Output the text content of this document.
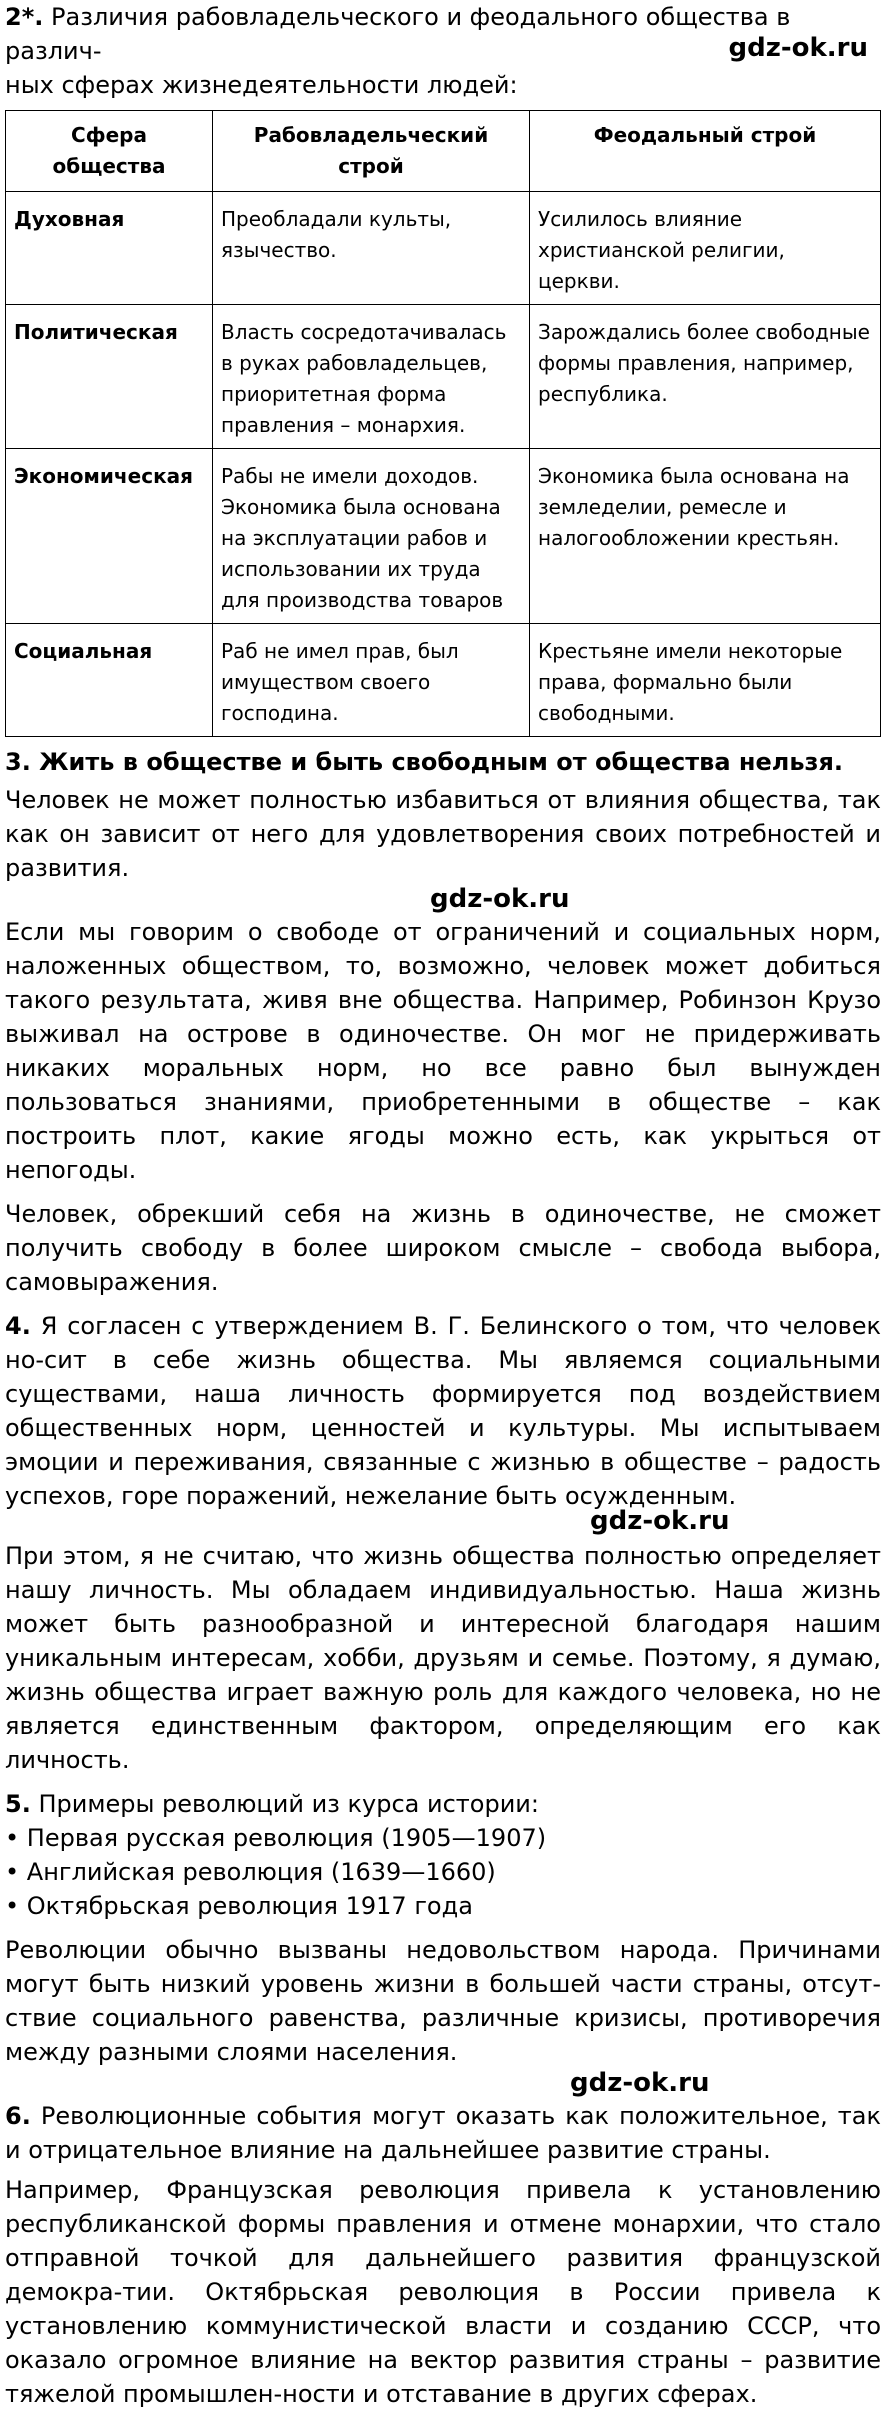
2*. Различия рабовладельческого и феодального общества в различ-
ных сферах жизнедеятельности людей:

gdz-ok.ru
Сфера общества	Рабовладельческий строй	Феодальный строй
Духовная	Преобладали культы, язычество.	Усилилось влияние христианской религии, церкви.
Политическая	Власть сосредотачивалась в руках рабовладельцев, приоритетная форма правления – монархия.	Зарождались более свободные формы правления, например, республика.
Экономическая	Рабы не имели доходов. Экономика была основана на эксплуатации рабов и использовании их труда для производства товаров	Экономика была основана на земледелии, ремесле и налогообложении крестьян.
Социальная	Раб не имел прав, был имуществом своего господина.	Крестьяне имели некоторые права, формально были свободными.

3. Жить в обществе и быть свободным от общества нельзя.

Человек не может полностью избавиться от влияния общества, так как он зависит от него для удовлетворения своих потребностей и развития.

gdz-ok.ru

Если мы говорим о свободе от ограничений и социальных норм, наложенных обществом, то, возможно, человек может добиться такого результата, живя вне общества. Например, Робинзон Крузо выживал на острове в одиночестве. Он мог не придерживать никаких моральных норм, но все равно был вынужден пользоваться знаниями, приобретенными в обществе – как построить плот, какие ягоды можно есть, как укрыться от непогоды.

Человек, обрекший себя на жизнь в одиночестве, не сможет получить свободу в более широком смысле – свобода выбора, самовыражения.

4. Я согласен с утверждением В. Г. Белинского о том, что человек но-сит в себе жизнь общества. Мы являемся социальными существами, наша личность формируется под воздействием общественных норм, ценностей и культуры. Мы испытываем эмоции и переживания, связанные с жизнью в обществе – радость успехов, горе поражений, нежелание быть осужденным.

gdz-ok.ru

При этом, я не считаю, что жизнь общества полностью определяет нашу личность. Мы обладаем индивидуальностью. Наша жизнь может быть разнообразной и интересной благодаря нашим уникальным интересам, хобби, друзьям и семье. Поэтому, я думаю, жизнь общества играет важную роль для каждого человека, но не является единственным фактором, определяющим его как личность.

5. Примеры революций из курса истории:

• Первая русская революция (1905—1907)

• Английская революция (1639—1660)

• Октябрьская революция 1917 года

Революции обычно вызваны недовольством народа. Причинами могут быть низкий уровень жизни в большей части страны, отсут-ствие социального равенства, различные кризисы, противоречия между разными слоями населения.

gdz-ok.ru

6. Революционные события могут оказать как положительное, так и отрицательное влияние на дальнейшее развитие страны.

Например, Французская революция привела к установлению республиканской формы правления и отмене монархии, что стало отправной точкой для дальнейшего развития французской демокра-тии. Октябрьская революция в России привела к установлению коммунистической власти и созданию СССР, что оказало огромное влияние на вектор развития страны – развитие тяжелой промышлен-ности и отставание в других сферах.
